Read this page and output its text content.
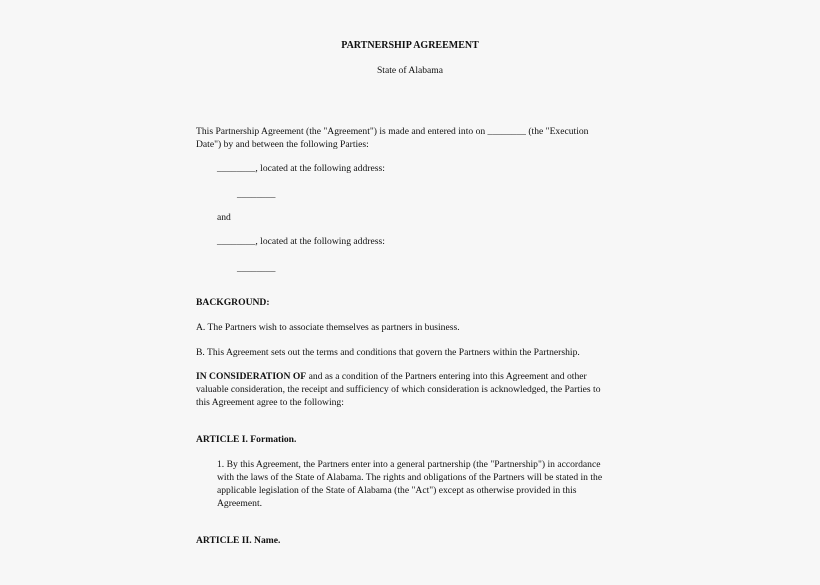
PARTNERSHIP AGREEMENT
State of Alabama
This Partnership Agreement (the "Agreement") is made and entered into on ________ (the "Execution
Date") by and between the following Parties:
________, located at the following address:
________
and
________, located at the following address:
________
BACKGROUND:
A. The Partners wish to associate themselves as partners in business.
B. This Agreement sets out the terms and conditions that govern the Partners within the Partnership.
IN CONSIDERATION OF and as a condition of the Partners entering into this Agreement and other
valuable consideration, the receipt and sufficiency of which consideration is acknowledged, the Parties to
this Agreement agree to the following:
ARTICLE I. Formation.
1. By this Agreement, the Partners enter into a general partnership (the "Partnership") in accordance
with the laws of the State of Alabama. The rights and obligations of the Partners will be stated in the
applicable legislation of the State of Alabama (the "Act") except as otherwise provided in this
Agreement.
ARTICLE II. Name.
